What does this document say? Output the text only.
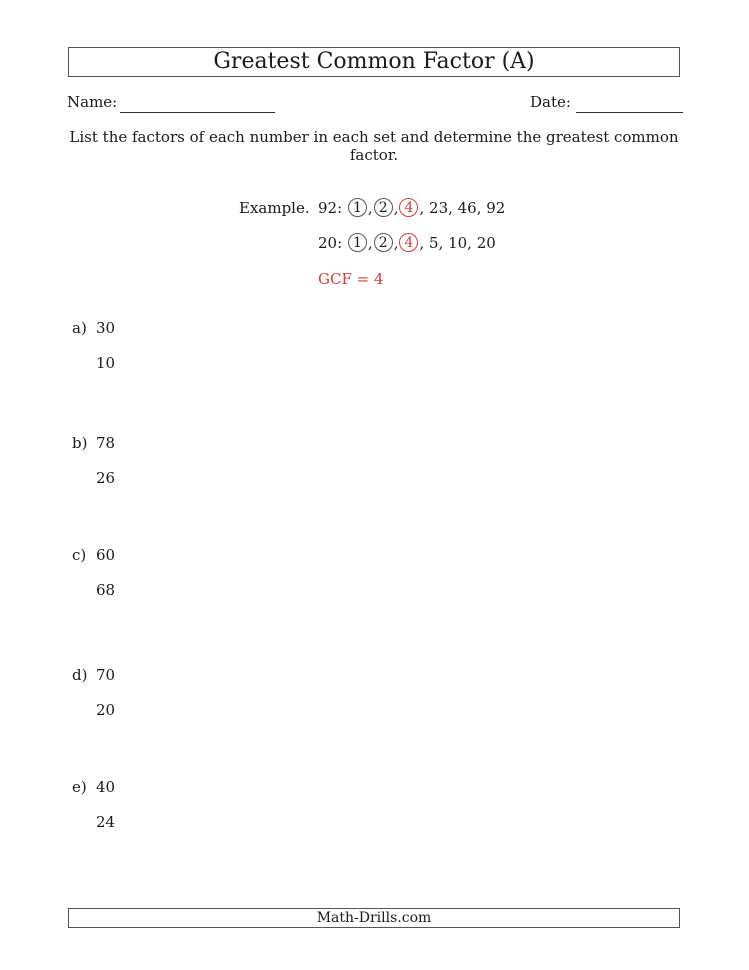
Greatest Common Factor (A)
Name:	Date:
List the factors of each number in each set and determine the greatest common factor.
Example. 92:
1 , 2 , 4 , 23, 46, 92
20:
1 , 2 , 4 , 5, 10, 20
GCF = 4
a) 30
10
b) 78
26
c) 60
68
d) 70
20
e) 40
24
Math-Drills.com
